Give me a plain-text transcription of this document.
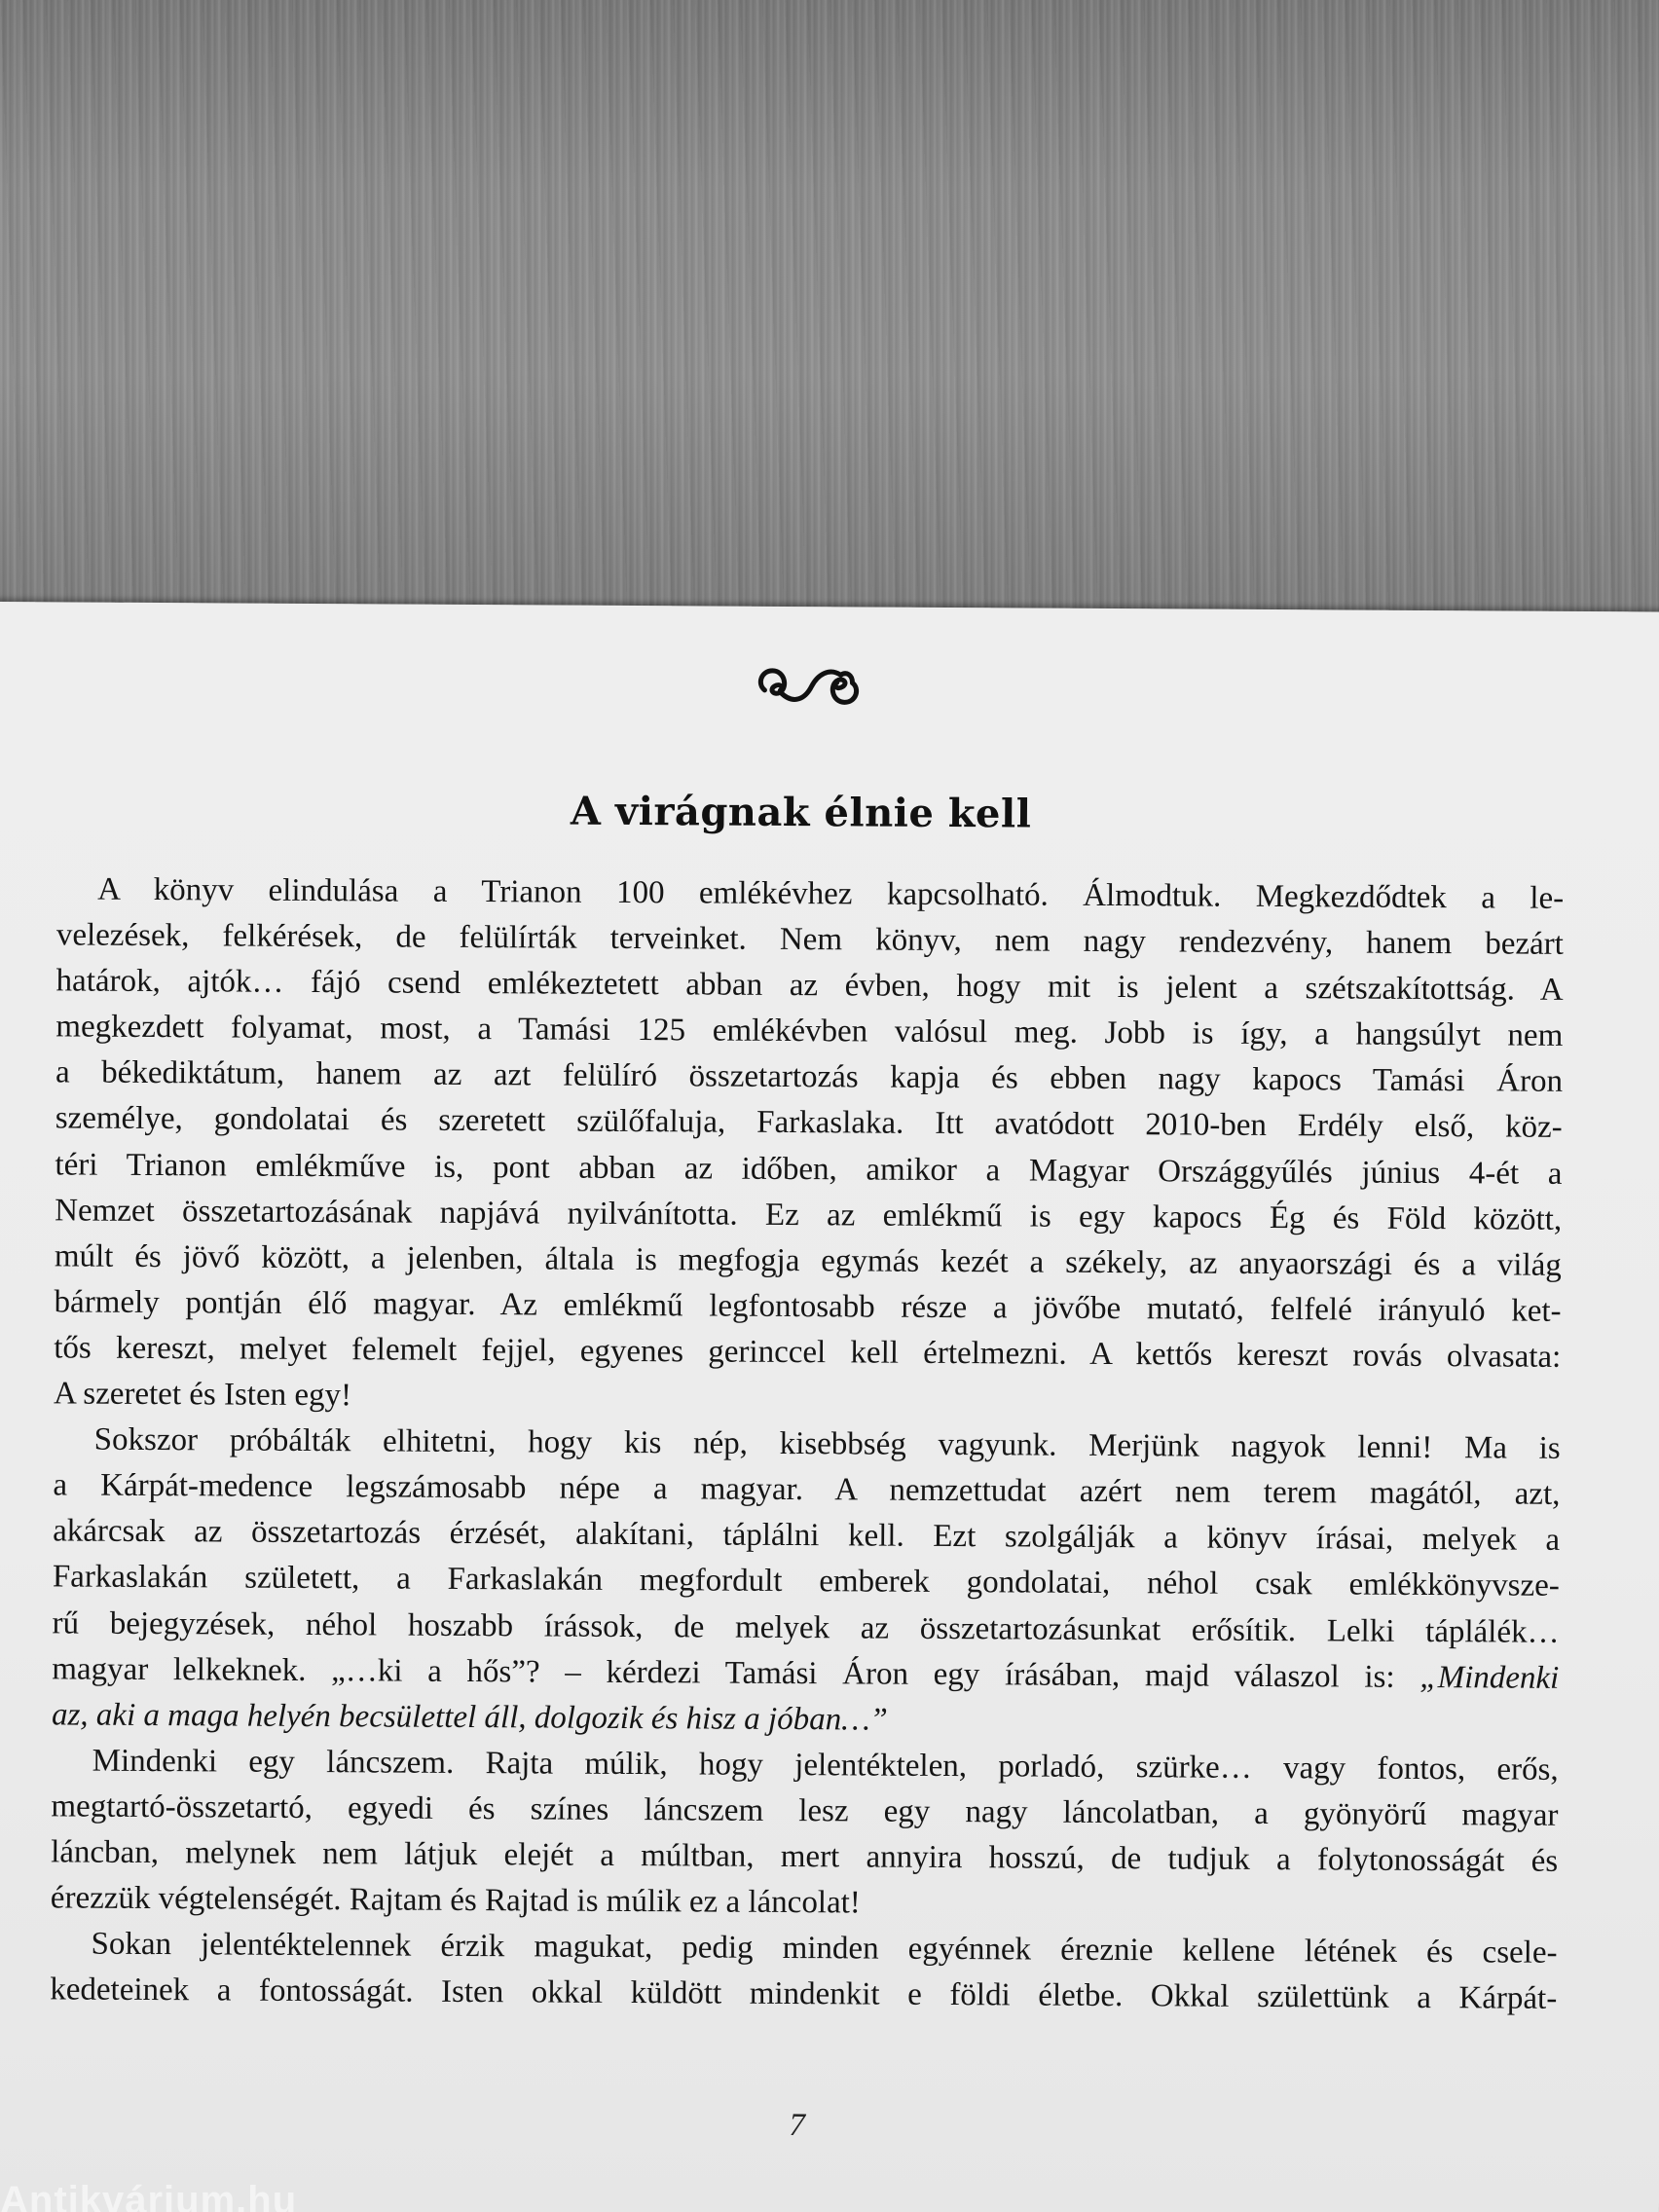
A virágnak élnie kell

A könyv elindulása a Trianon 100 emlékévhez kapcsolható. Álmodtuk. Megkezdődtek a le-
velezések, felkérések, de felülírták terveinket. Nem könyv, nem nagy rendezvény, hanem bezárt
határok, ajtók… fájó csend emlékeztetett abban az évben, hogy mit is jelent a szétszakítottság. A
megkezdett folyamat, most, a Tamási 125 emlékévben valósul meg. Jobb is így, a hangsúlyt nem
a békediktátum, hanem az azt felülíró összetartozás kapja és ebben nagy kapocs Tamási Áron
személye, gondolatai és szeretett szülőfaluja, Farkaslaka. Itt avatódott 2010-ben Erdély első, köz-
téri Trianon emlékműve is, pont abban az időben, amikor a Magyar Országgyűlés június 4-ét a
Nemzet összetartozásának napjává nyilvánította. Ez az emlékmű is egy kapocs Ég és Föld között,
múlt és jövő között, a jelenben, általa is megfogja egymás kezét a székely, az anyaországi és a világ
bármely pontján élő magyar. Az emlékmű legfontosabb része a jövőbe mutató, felfelé irányuló ket-
tős kereszt, melyet felemelt fejjel, egyenes gerinccel kell értelmezni. A kettős kereszt rovás olvasata:
A szeretet és Isten egy!

Sokszor próbálták elhitetni, hogy kis nép, kisebbség vagyunk. Merjünk nagyok lenni! Ma is
a Kárpát-medence legszámosabb népe a magyar. A nemzettudat azért nem terem magától, azt,
akárcsak az összetartozás érzését, alakítani, táplálni kell. Ezt szolgálják a könyv írásai, melyek a
Farkaslakán született, a Farkaslakán megfordult emberek gondolatai, néhol csak emlékkönyvsze-
rű bejegyzések, néhol hoszabb írássok, de melyek az összetartozásunkat erősítik. Lelki táplálék…
magyar lelkeknek. „…ki a hős”? – kérdezi Tamási Áron egy írásában, majd válaszol is: „Mindenki
az, aki a maga helyén becsülettel áll, dolgozik és hisz a jóban…”

Mindenki egy láncszem. Rajta múlik, hogy jelentéktelen, porladó, szürke… vagy fontos, erős,
megtartó-összetartó, egyedi és színes láncszem lesz egy nagy láncolatban, a gyönyörű magyar
láncban, melynek nem látjuk elejét a múltban, mert annyira hosszú, de tudjuk a folytonosságát és
érezzük végtelenségét. Rajtam és Rajtad is múlik ez a láncolat!

Sokan jelentéktelennek érzik magukat, pedig minden egyénnek éreznie kellene létének és csele-
kedeteinek a fontosságát. Isten okkal küldött mindenkit e földi életbe. Okkal születtünk a Kárpát-

7
Antikvárium.hu
